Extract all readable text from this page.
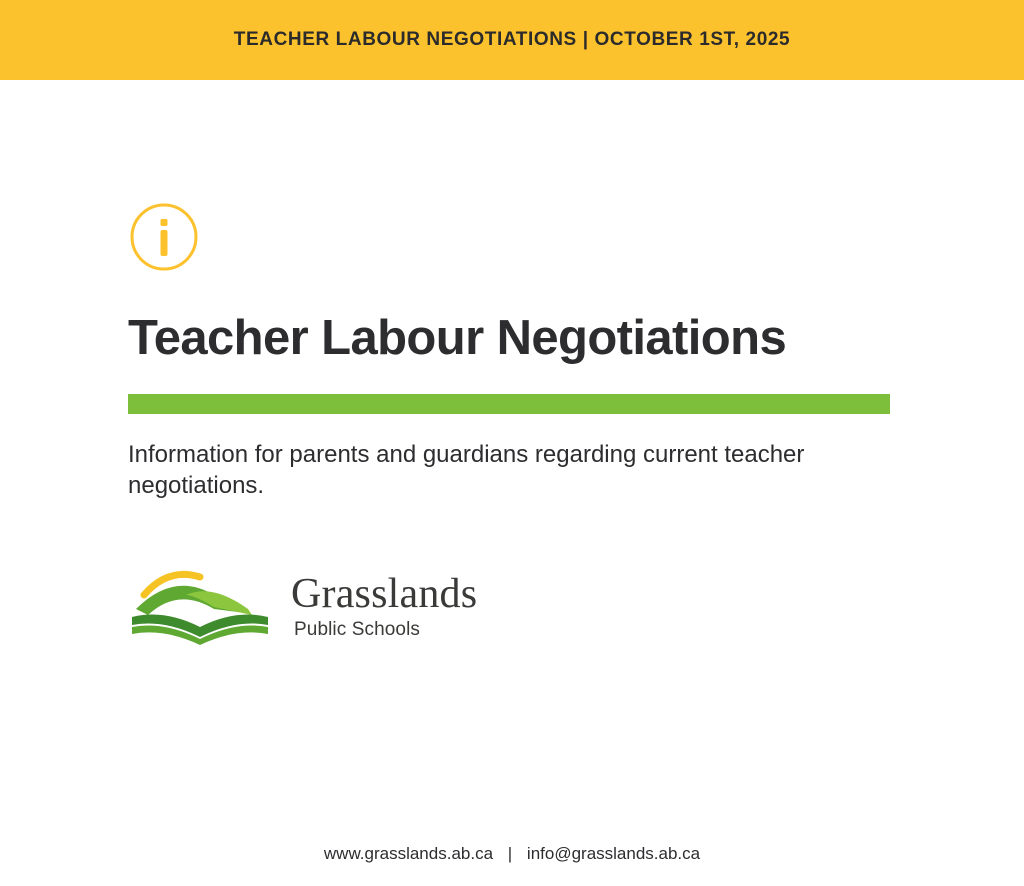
TEACHER LABOUR NEGOTIATIONS | OCTOBER 1ST, 2025
Teacher Labour Negotiations
Information for parents and guardians regarding current teacher negotiations.
Grasslands
Public Schools
www.grasslands.ab.ca | info@grasslands.ab.ca
